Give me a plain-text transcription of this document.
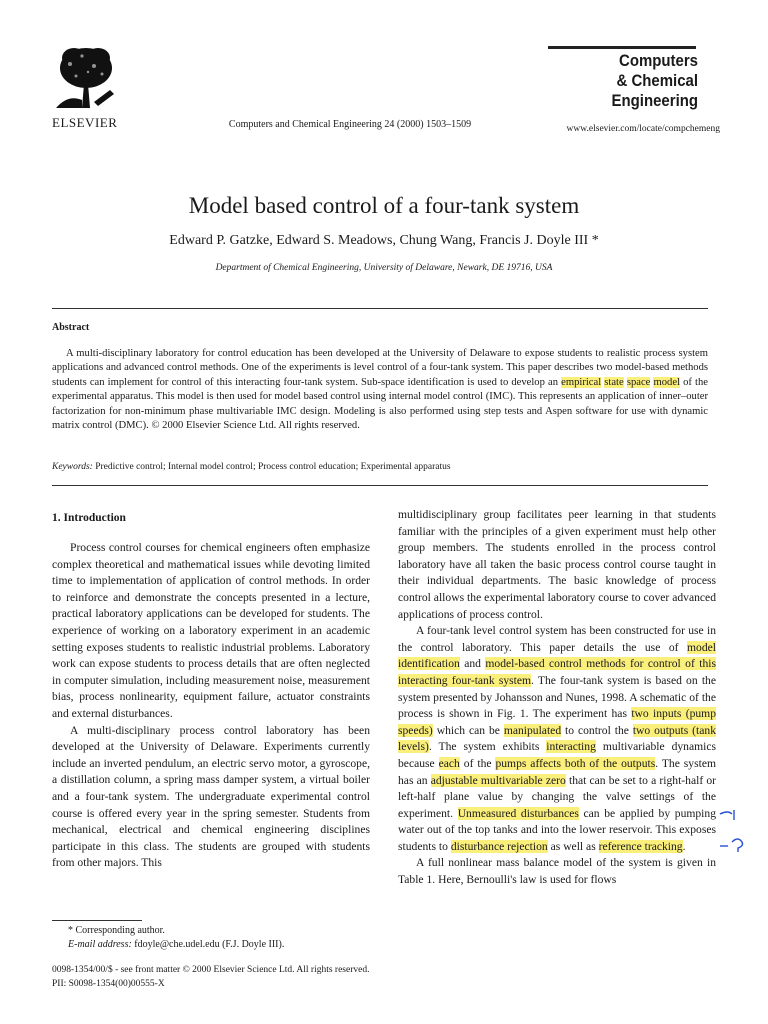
ELSEVIER	Computers and Chemical Engineering 24 (2000) 1503–1509
Computers
& Chemical
Engineering
www.elsevier.com/locate/compchemeng
Model based control of a four-tank system
Edward P. Gatzke, Edward S. Meadows, Chung Wang, Francis J. Doyle III *
Department of Chemical Engineering, University of Delaware, Newark, DE 19716, USA
Abstract

A multi-disciplinary laboratory for control education has been developed at the University of Delaware to expose students to realistic process system applications and advanced control methods. One of the experiments is level control of a four-tank system. This paper describes two model-based methods students can implement for control of this interacting four-tank system. Sub-space identification is used to develop an empirical state space model of the experimental apparatus. This model is then used for model based control using internal model control (IMC). This represents an application of inner–outer factorization for non-minimum phase multivariable IMC design. Modeling is also performed using step tests and Aspen software for use with dynamic matrix control (DMC). © 2000 Elsevier Science Ltd. All rights reserved.

Keywords: Predictive control; Internal model control; Process control education; Experimental apparatus
1. Introduction

Process control courses for chemical engineers often emphasize complex theoretical and mathematical issues while devoting limited time to implementation of application of control methods. In order to reinforce and demonstrate the concepts presented in a lecture, practical laboratory applications can be developed for students. The experience of working on a laboratory experiment in an academic setting exposes students to realistic industrial problems. Laboratory work can expose students to process details that are often neglected in computer simulation, including measurement noise, measurement bias, process nonlinearity, equipment failure, actuator constraints and external disturbances.

A multi-disciplinary process control laboratory has been developed at the University of Delaware. Experiments currently include an inverted pendulum, an electric servo motor, a gyroscope, a distillation column, a spring mass damper system, a virtual boiler and a four-tank system. The undergraduate experimental control course is offered every year in the spring semester. Students from mechanical, electrical and chemical engineering disciplines participate in this class. The students are grouped with students from other majors. This

multidisciplinary group facilitates peer learning in that students familiar with the principles of a given experiment must help other group members. The students enrolled in the process control laboratory have all taken the basic process control course taught in their individual departments. The basic knowledge of process control allows the experimental laboratory course to cover advanced applications of process control.

A four-tank level control system has been constructed for use in the control laboratory. This paper details the use of model identification and model-based control methods for control of this interacting four-tank system. The four-tank system is based on the system presented by Johansson and Nunes, 1998. A schematic of the process is shown in Fig. 1. The experiment has two inputs (pump speeds) which can be manipulated to control the two outputs (tank levels). The system exhibits interacting multivariable dynamics because each of the pumps affects both of the outputs. The system has an adjustable multivariable zero that can be set to a right-half or left-half plane value by changing the valve settings of the experiment. Unmeasured disturbances can be applied by pumping water out of the top tanks and into the lower reservoir. This exposes students to disturbance rejection as well as reference tracking.

A full nonlinear mass balance model of the system is given in Table 1. Here, Bernoulli's law is used for flows

* Corresponding author.
E-mail address: fdoyle@che.udel.edu (F.J. Doyle III).
0098-1354/00/$ - see front matter © 2000 Elsevier Science Ltd. All rights reserved.
PII: S0098-1354(00)00555-X
